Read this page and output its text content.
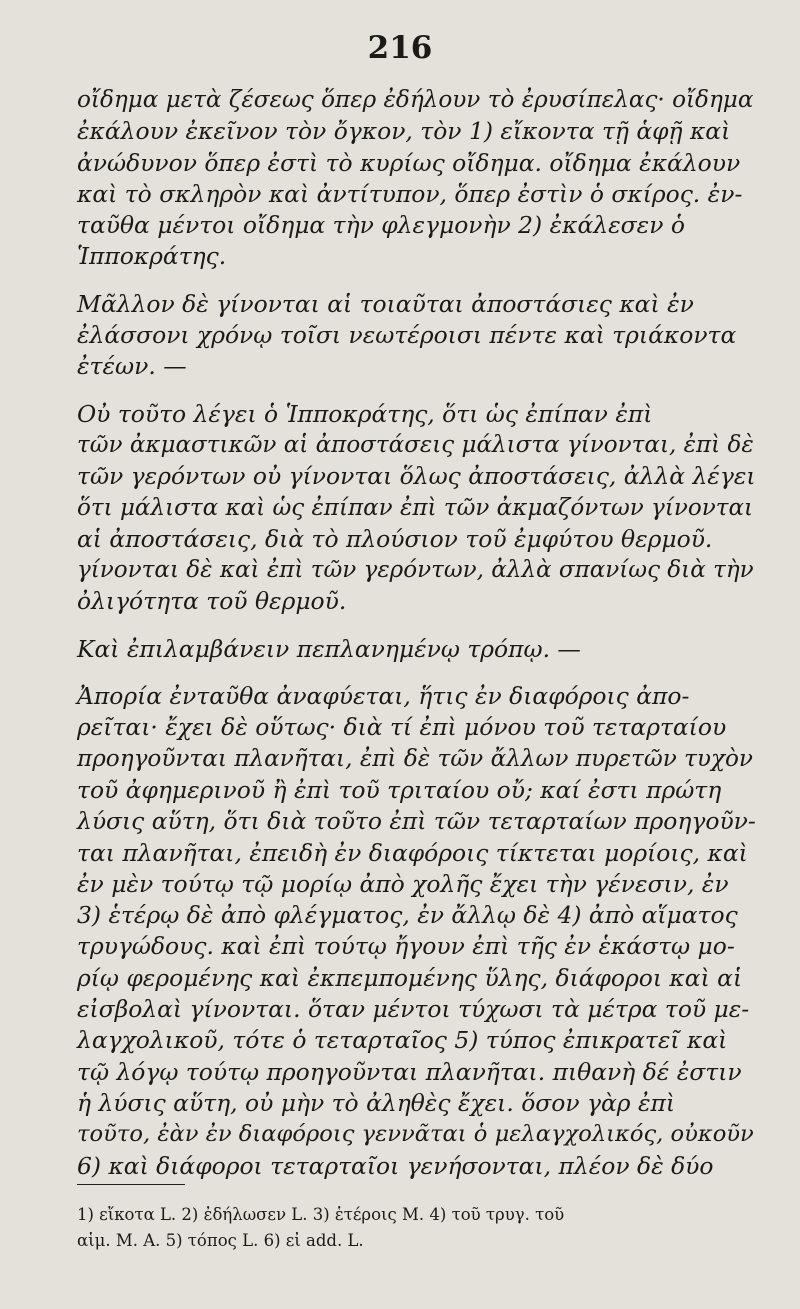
216

οἴδημα μετὰ ζέσεως ὅπερ ἐδήλουν τὸ ἐρυσίπελας· οἴδημα
ἐκάλουν ἐκεῖνον τὸν ὄγκον, τὸν 1) εἴκοντα τῇ ἁφῇ καὶ
ἀνώδυνον ὅπερ ἐστὶ τὸ κυρίως οἴδημα. οἴδημα ἐκάλουν
καὶ τὸ σκληρὸν καὶ ἀντίτυπον, ὅπερ ἐστὶν ὁ σκίρος. ἐν-
ταῦθα μέντοι οἴδημα τὴν φλεγμονὴν 2) ἐκάλεσεν ὁ
Ἱπποκράτης.

Μᾶλλον δὲ γίνονται αἱ τοιαῦται ἀποστάσιες καὶ ἐν
ἐλάσσονι χρόνῳ τοῖσι νεωτέροισι πέντε καὶ τριάκοντα
ἐτέων. —

Οὐ τοῦτο λέγει ὁ Ἱπποκράτης, ὅτι ὡς ἐπίπαν ἐπὶ
τῶν ἀκμαστικῶν αἱ ἀποστάσεις μάλιστα γίνονται, ἐπὶ δὲ
τῶν γερόντων οὐ γίνονται ὅλως ἀποστάσεις, ἀλλὰ λέγει
ὅτι μάλιστα καὶ ὡς ἐπίπαν ἐπὶ τῶν ἀκμαζόντων γίνονται
αἱ ἀποστάσεις, διὰ τὸ πλούσιον τοῦ ἐμφύτου θερμοῦ.
γίνονται δὲ καὶ ἐπὶ τῶν γερόντων, ἀλλὰ σπανίως διὰ τὴν
ὀλιγότητα τοῦ θερμοῦ.

Καὶ ἐπιλαμβάνειν πεπλανημένῳ τρόπῳ. —

Ἀπορία ἐνταῦθα ἀναφύεται, ἥτις ἐν διαφόροις ἀπο-
ρεῖται· ἔχει δὲ οὕτως· διὰ τί ἐπὶ μόνου τοῦ τεταρταίου
προηγοῦνται πλανῆται, ἐπὶ δὲ τῶν ἄλλων πυρετῶν τυχὸν
τοῦ ἀφημερινοῦ ἢ ἐπὶ τοῦ τριταίου οὔ; καί ἐστι πρώτη
λύσις αὕτη, ὅτι διὰ τοῦτο ἐπὶ τῶν τεταρταίων προηγοῦν-
ται πλανῆται, ἐπειδὴ ἐν διαφόροις τίκτεται μορίοις, καὶ
ἐν μὲν τούτῳ τῷ μορίῳ ἀπὸ χολῆς ἔχει τὴν γένεσιν, ἐν
3) ἑτέρῳ δὲ ἀπὸ φλέγματος, ἐν ἄλλῳ δὲ 4) ἀπὸ αἵματος
τρυγώδους. καὶ ἐπὶ τούτῳ ἤγουν ἐπὶ τῆς ἐν ἑκάστῳ μο-
ρίῳ φερομένης καὶ ἐκπεμπομένης ὕλης, διάφοροι καὶ αἱ
εἰσβολαὶ γίνονται. ὅταν μέντοι τύχωσι τὰ μέτρα τοῦ με-
λαγχολικοῦ, τότε ὁ τεταρταῖος 5) τύπος ἐπικρατεῖ καὶ
τῷ λόγῳ τούτῳ προηγοῦνται πλανῆται. πιθανὴ δέ ἐστιν
ἡ λύσις αὕτη, οὐ μὴν τὸ ἀληθὲς ἔχει. ὅσον γὰρ ἐπὶ
τοῦτο, ἐὰν ἐν διαφόροις γεννᾶται ὁ μελαγχολικός, οὐκοῦν
6) καὶ διάφοροι τεταρταῖοι γενήσονται, πλέον δὲ δύο

1) εἴκοτα L. 2) ἐδήλωσεν L. 3) ἑτέροις M. 4) τοῦ τρυγ. τοῦ
αἱμ. M. A. 5) τόπος L. 6) εἰ add. L.
